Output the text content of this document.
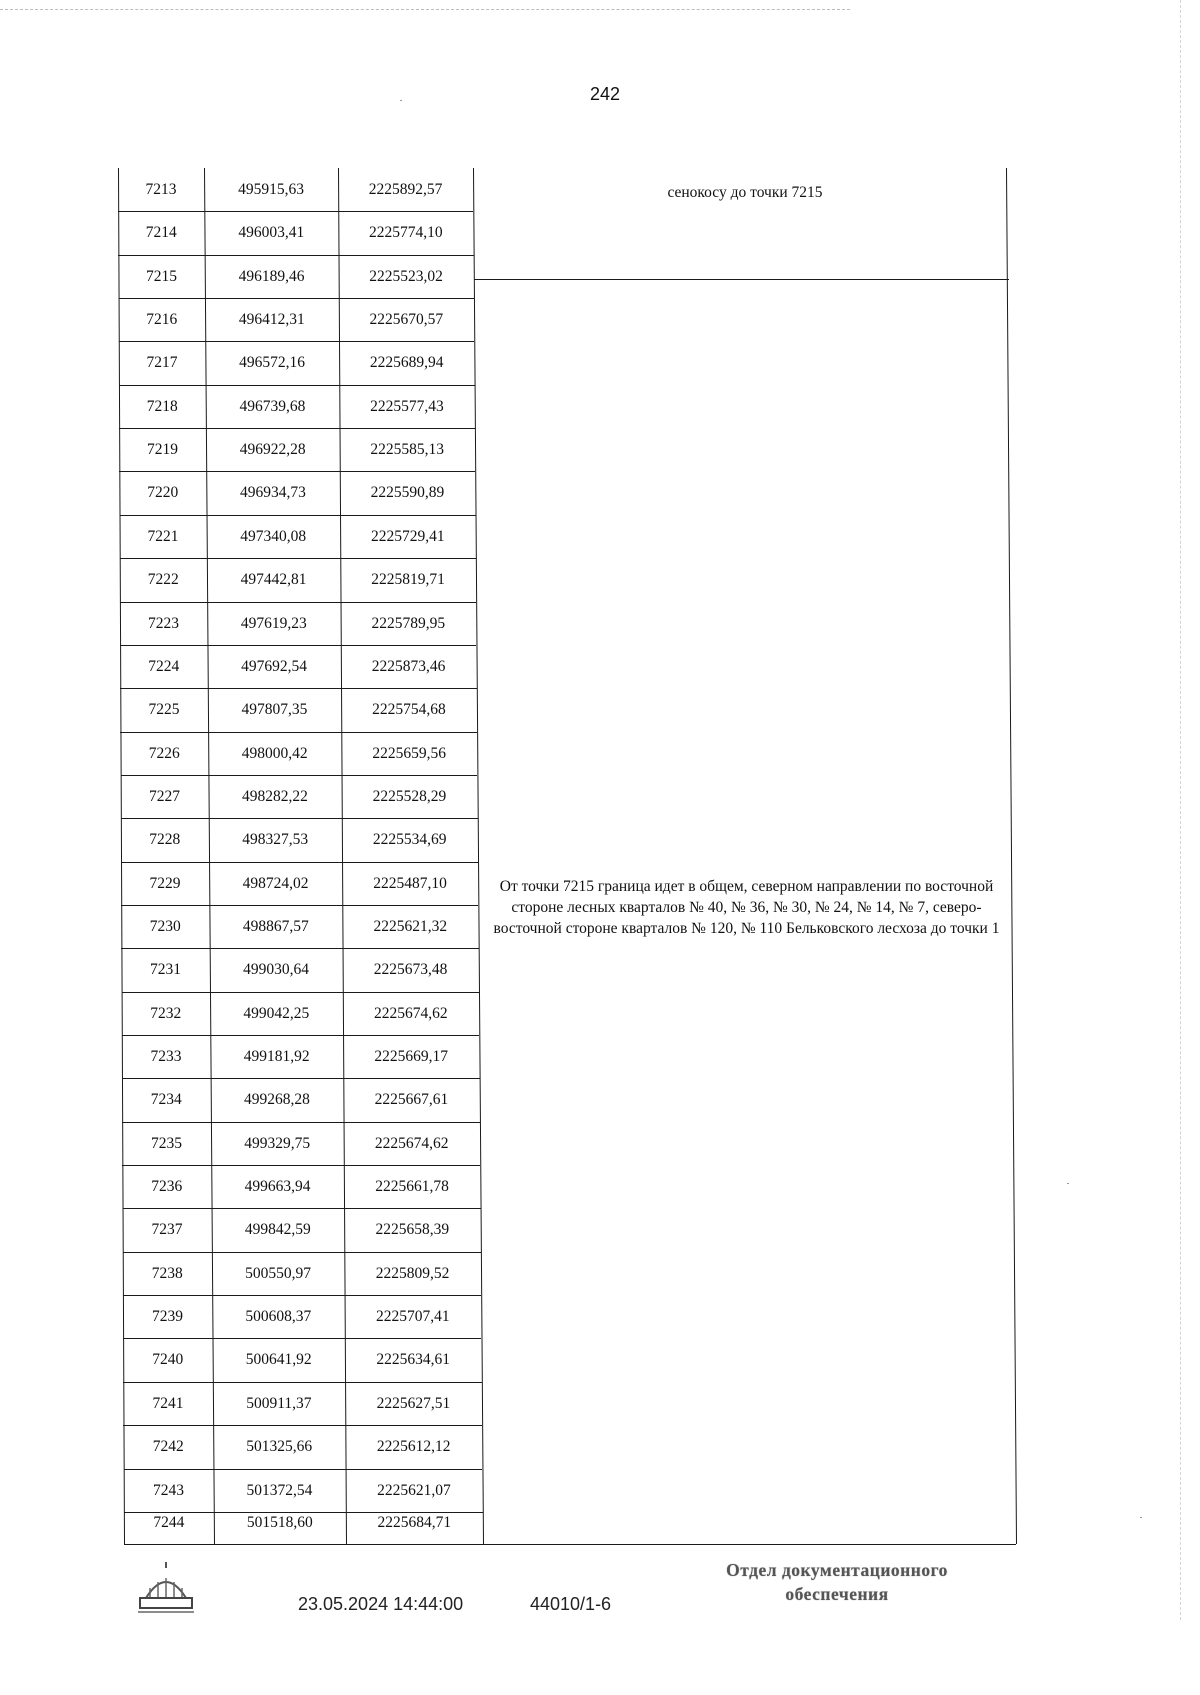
242
7213	495915,63	2225892,57
7214	496003,41	2225774,10
7215	496189,46	2225523,02
7216	496412,31	2225670,57
7217	496572,16	2225689,94
7218	496739,68	2225577,43
7219	496922,28	2225585,13
7220	496934,73	2225590,89
7221	497340,08	2225729,41
7222	497442,81	2225819,71
7223	497619,23	2225789,95
7224	497692,54	2225873,46
7225	497807,35	2225754,68
7226	498000,42	2225659,56
7227	498282,22	2225528,29
7228	498327,53	2225534,69
7229	498724,02	2225487,10
7230	498867,57	2225621,32
7231	499030,64	2225673,48
7232	499042,25	2225674,62
7233	499181,92	2225669,17
7234	499268,28	2225667,61
7235	499329,75	2225674,62
7236	499663,94	2225661,78
7237	499842,59	2225658,39
7238	500550,97	2225809,52
7239	500608,37	2225707,41
7240	500641,92	2225634,61
7241	500911,37	2225627,51
7242	501325,66	2225612,12
7243	501372,54	2225621,07
7244	501518,60	2225684,71
сенокосу до точки 7215
От точки 7215 граница идет в общем, северном направлении по восточной стороне лесных кварталов № 40, № 36, № 30, № 24, № 14, № 7, северо-восточной стороне кварталов № 120, № 110 Бельковского лесхоза до точки 1
Отдел документационного
обеспечения
23.05.2024 14:44:00	44010/1-6
